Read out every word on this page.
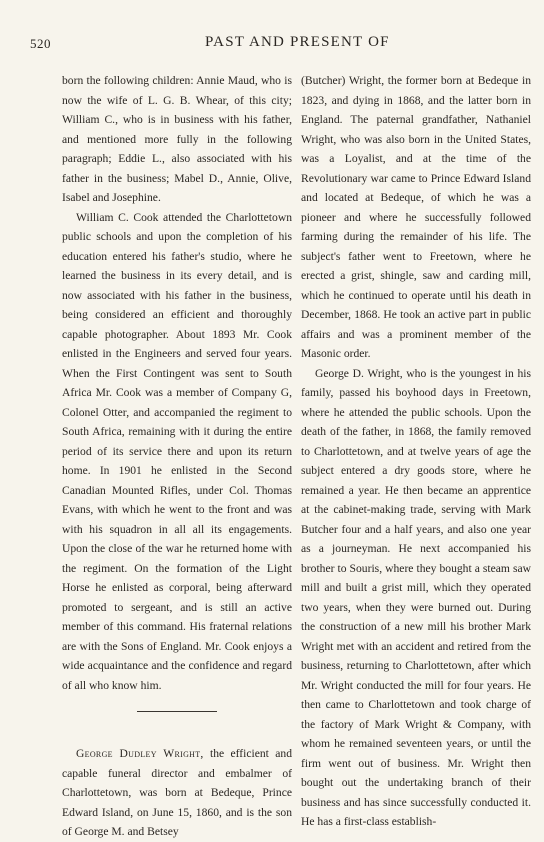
520	PAST AND PRESENT OF

born the following children: Annie Maud, who is now the wife of L. G. B. Whear, of this city; William C., who is in business with his father, and mentioned more fully in the following paragraph; Eddie L., also associated with his father in the business; Mabel D., Annie, Olive, Isabel and Josephine.

William C. Cook attended the Charlottetown public schools and upon the completion of his education entered his father's studio, where he learned the business in its every detail, and is now associated with his father in the business, being considered an efficient and thoroughly capable photographer. About 1893 Mr. Cook enlisted in the Engineers and served four years. When the First Contingent was sent to South Africa Mr. Cook was a member of Company G, Colonel Otter, and accompanied the regiment to South Africa, remaining with it during the entire period of its service there and upon its return home. In 1901 he enlisted in the Second Canadian Mounted Rifles, under Col. Thomas Evans, with which he went to the front and was with his squadron in all all its engagements. Upon the close of the war he returned home with the regiment. On the formation of the Light Horse he enlisted as corporal, being afterward promoted to sergeant, and is still an active member of this command. His fraternal relations are with the Sons of England. Mr. Cook enjoys a wide acquaintance and the confidence and regard of all who know him.

George Dudley Wright, the efficient and capable funeral director and embalmer of Charlottetown, was born at Bedeque, Prince Edward Island, on June 15, 1860, and is the son of George M. and Betsey

(Butcher) Wright, the former born at Bedeque in 1823, and dying in 1868, and the latter born in England. The paternal grandfather, Nathaniel Wright, who was also born in the United States, was a Loyalist, and at the time of the Revolutionary war came to Prince Edward Island and located at Bedeque, of which he was a pioneer and where he successfully followed farming during the remainder of his life. The subject's father went to Freetown, where he erected a grist, shingle, saw and carding mill, which he continued to operate until his death in December, 1868. He took an active part in public affairs and was a prominent member of the Masonic order.

George D. Wright, who is the youngest in his family, passed his boyhood days in Freetown, where he attended the public schools. Upon the death of the father, in 1868, the family removed to Charlottetown, and at twelve years of age the subject entered a dry goods store, where he remained a year. He then became an apprentice at the cabinet-making trade, serving with Mark Butcher four and a half years, and also one year as a journeyman. He next accompanied his brother to Souris, where they bought a steam saw mill and built a grist mill, which they operated two years, when they were burned out. During the construction of a new mill his brother Mark Wright met with an accident and retired from the business, returning to Charlottetown, after which Mr. Wright conducted the mill for four years. He then came to Charlottetown and took charge of the factory of Mark Wright & Company, with whom he remained seventeen years, or until the firm went out of business. Mr. Wright then bought out the undertaking branch of their business and has since successfully conducted it. He has a first-class establish-
